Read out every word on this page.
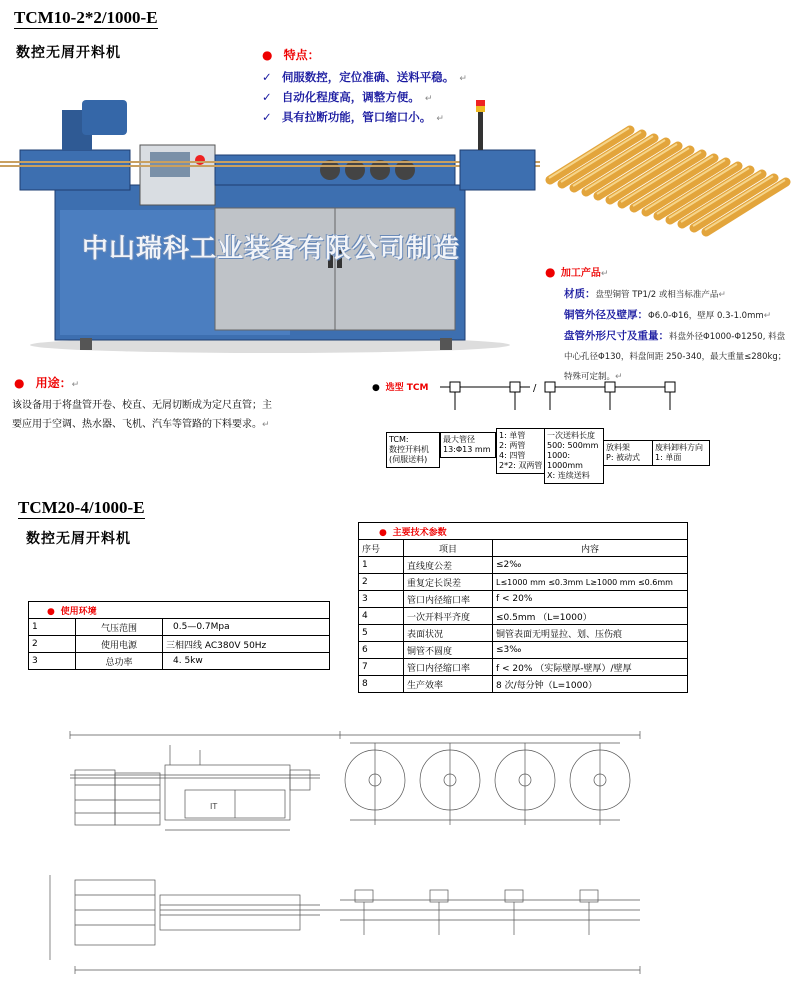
TCM10-2*2/1000-E
数控无屑开料机	● 特点：
✓ 伺服数控，定位准确、送料平稳。 ↵
✓ 自动化程度高，调整方便。 ↵
✓ 具有拉断功能，管口缩口小。 ↵
中山瑞科工业装备有限公司制造
● 加工产品↵
材质：盘型铜管 TP1/2 或相当标准产品↵
铜管外径及壁厚：Φ6.0-Φ16，壁厚 0.3-1.0mm↵
盘管外形尺寸及重量：料盘外径Φ1000-Φ1250, 料盘
中心孔径Φ130，料盘间距 250-340，最大重量≤280kg；
特殊可定制。↵
● 用途：↵
该设备用于将盘管开卷、校直、无屑切断成为定尺直管；主
要应用于空调、热水器、飞机、汽车等管路的下料要求。↵
● 选型 TCM	/
TCM:
数控开料机
(伺服送料)
最大管径
13:Φ13 mm
1: 单管
2: 两管
4: 四管
2*2: 双两管
一次送料长度
500: 500mm
1000: 1000mm
X: 连续送料
放料架
P: 被动式
废料卸料方向
1: 单面
TCM20-4/1000-E
数控无屑开料机
● 使用环境		
1	气压范围	0.5—0.7Mpa
2	使用电源	三相四线 AC380V 50Hz
3	总功率	4. 5kw
● 主要技术参数		
序号	项目	内容
1	直线度公差	≤2‰
2	重复定长误差	L≤1000 mm ≤0.3mm L≥1000 mm ≤0.6mm
3	管口内径缩口率	f < 20%
4	一次开料平齐度	≤0.5mm （L=1000）
5	表面状况	铜管表面无明显拉、划、压伤痕
6	铜管不圆度	≤3‰
7	管口内径缩口率	f < 20% （实际壁厚-壁厚）/壁厚
8	生产效率	8 次/每分钟（L=1000）
IT
